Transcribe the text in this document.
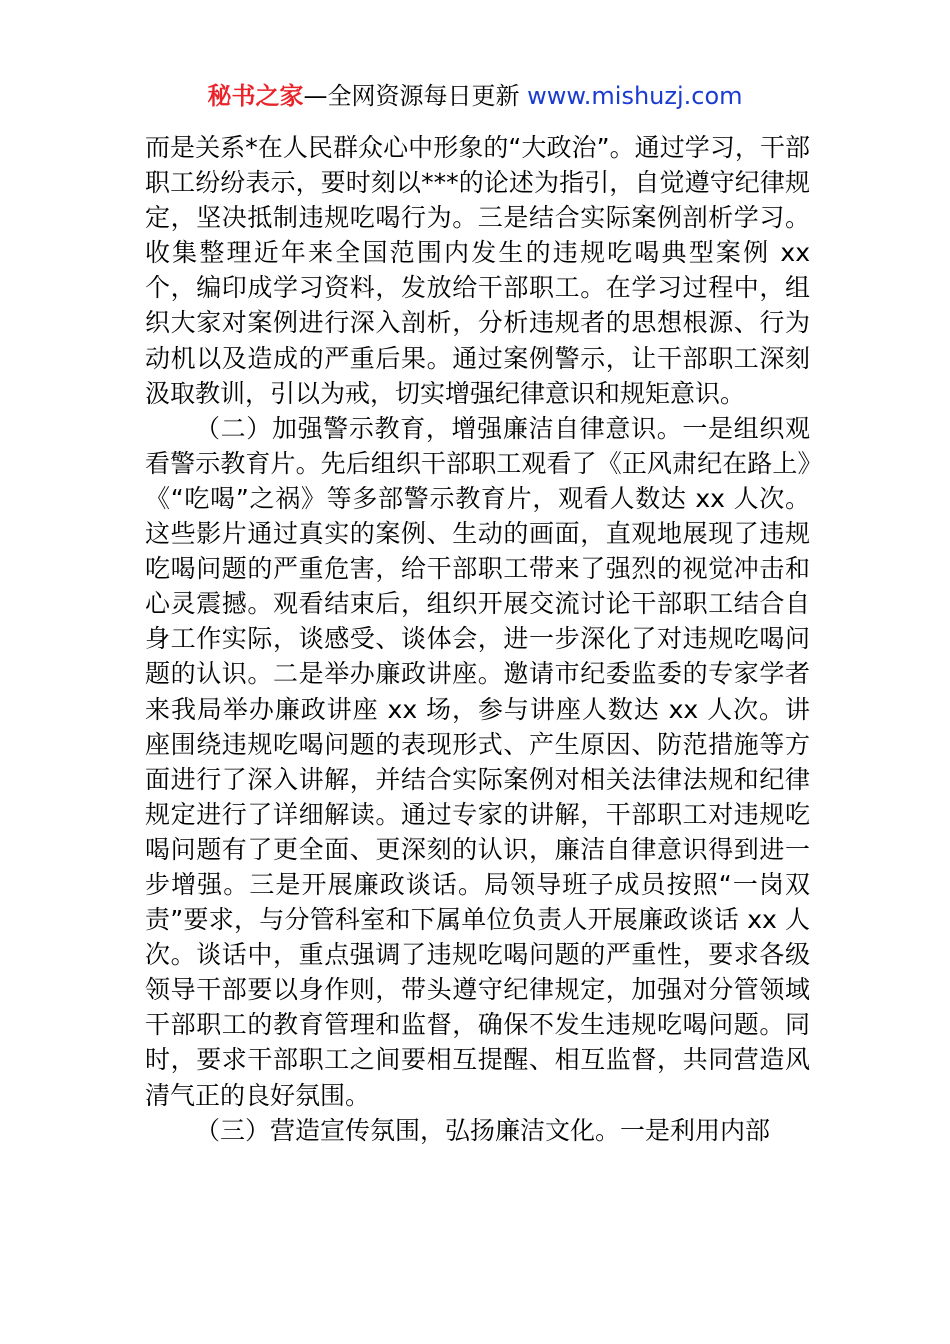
秘书之家—全网资源每日更新 www.mishuzj.com

而是关系*在人民群众心中形象的“大政治”。通过学习，干部职工纷纷表示，要时刻以***的论述为指引，自觉遵守纪律规定，坚决抵制违规吃喝行为。三是结合实际案例剖析学习。收集整理近年来全国范围内发生的违规吃喝典型案例 xx 个，编印成学习资料，发放给干部职工。在学习过程中，组织大家对案例进行深入剖析，分析违规者的思想根源、行为动机以及造成的严重后果。通过案例警示，让干部职工深刻汲取教训，引以为戒，切实增强纪律意识和规矩意识。

（二）加强警示教育，增强廉洁自律意识。一是组织观看警示教育片。先后组织干部职工观看了《正风肃纪在路上》《“吃喝”之祸》等多部警示教育片，观看人数达 xx 人次。这些影片通过真实的案例、生动的画面，直观地展现了违规吃喝问题的严重危害，给干部职工带来了强烈的视觉冲击和心灵震撼。观看结束后，组织开展交流讨论干部职工结合自身工作实际，谈感受、谈体会，进一步深化了对违规吃喝问题的认识。二是举办廉政讲座。邀请市纪委监委的专家学者来我局举办廉政讲座 xx 场，参与讲座人数达 xx 人次。讲座围绕违规吃喝问题的表现形式、产生原因、防范措施等方面进行了深入讲解，并结合实际案例对相关法律法规和纪律规定进行了详细解读。通过专家的讲解，干部职工对违规吃喝问题有了更全面、更深刻的认识，廉洁自律意识得到进一步增强。三是开展廉政谈话。局领导班子成员按照“一岗双责”要求，与分管科室和下属单位负责人开展廉政谈话 xx 人次。谈话中，重点强调了违规吃喝问题的严重性，要求各级领导干部要以身作则，带头遵守纪律规定，加强对分管领域干部职工的教育管理和监督，确保不发生违规吃喝问题。同时，要求干部职工之间要相互提醒、相互监督，共同营造风清气正的良好氛围。

（三）营造宣传氛围，弘扬廉洁文化。一是利用内部
